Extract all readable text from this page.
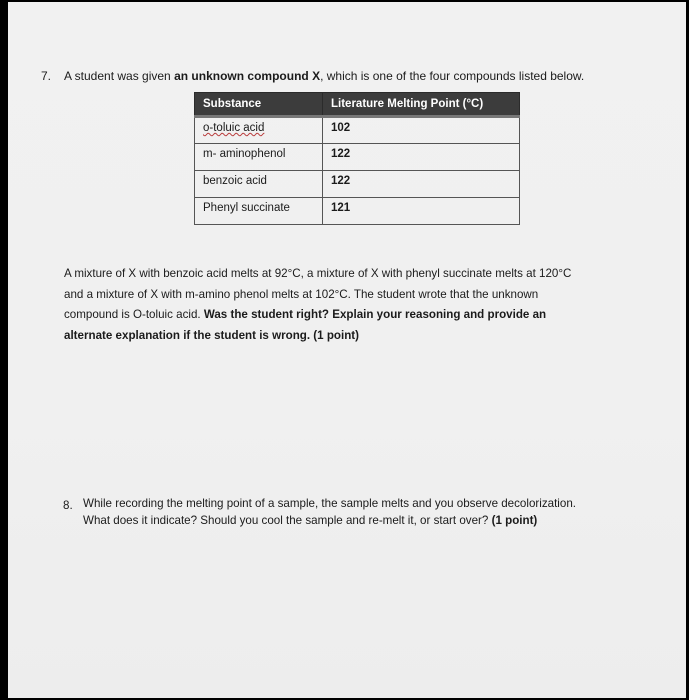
7. A student was given an unknown compound X, which is one of the four compounds listed below.
Substance	Literature Melting Point (°C)
o-toluic acid	102
m- aminophenol	122
benzoic acid	122
Phenyl succinate	121

A mixture of X with benzoic acid melts at 92°C, a mixture of X with phenyl succinate melts at 120°C

and a mixture of X with m-amino phenol melts at 102°C. The student wrote that the unknown

compound is O-toluic acid. Was the student right? Explain your reasoning and provide an

alternate explanation if the student is wrong. (1 point)

8. While recording the melting point of a sample, the sample melts and you observe decolorization.

What does it indicate? Should you cool the sample and re-melt it, or start over? (1 point)
